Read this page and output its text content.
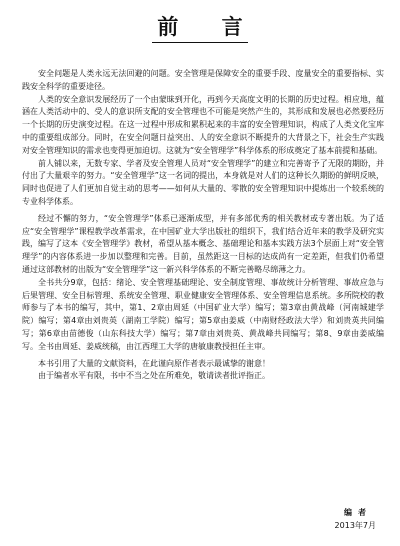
前 言

安全问题是人类永远无法回避的问题。安全管理是保障安全的重要手段、度量安全的重要指标、实践安全科学的重要途径。

人类的安全意识发展经历了一个由蒙昧到开化，再到今天高度文明的长期的历史过程。相应地，蕴涵在人类活动中的、受人的意识所支配的安全管理也不可能是突然产生的，其形成和发展也必然要经历一个长期的历史演变过程。在这一过程中形成和累积起来的丰富的安全管理知识，构成了人类文化宝库中的重要组成部分。同时，在安全问题日益突出、人的安全意识不断提升的大背景之下，社会生产实践对安全管理知识的需求也变得更加迫切。这就为“安全管理学”科学体系的形成奠定了基本前提和基础。

前人铺以来，无数专家、学者及安全管理人员对“安全管理学”的建立和完善寄予了无限的期盼，并付出了大量艰辛的努力。“安全管理学”这一名词的提出，本身就是对人们的这种长久期盼的鲜明反映，同时也促进了人们更加自觉主动的思考——如何从大量的、零散的安全管理知识中提炼出一个较系统的专业科学体系。

经过不懈的努力，“安全管理学”体系已逐渐成型，并有多部优秀的相关教材或专著出版。为了适应“安全管理学”课程教学改革需求，在中国矿业大学出版社的组织下，我们结合近年来的教学及研究实践，编写了这本《安全管理学》教材，希望从基本概念、基础理论和基本实践方法3个层面上对“安全管理学”的内容体系进一步加以整理和完善。目前，虽然距这一目标的达成尚有一定差距，但我们仍希望通过这部教材的出版为“安全管理学”这一新兴科学体系的不断完善略尽绵薄之力。

全书共分9章，包括：绪论、安全管理基础理论、安全制度管理、事故统计分析管理、事故应急与后果管理、安全目标管理、系统安全管理、职业健康安全管理体系、安全管理信息系统。多所院校的教师参与了本书的编写，其中，第1、2章由周延（中国矿业大学）编写；第3章由黄战峰（河南城建学院）编写；第4章由刘贵英（湖南工学院）编写；第5章由姜威（中南财经政法大学）和刘贵英共同编写；第6章由苗德俊（山东科技大学）编写；第7章由刘贵英、黄战峰共同编写；第8、9章由姜威编写。全书由周延、姜威统稿，由江西理工大学的唐敏康教授担任主审。

本书引用了大量的文献资料，在此谨向原作者表示最诚挚的谢意！

由于编者水平有限，书中不当之处在所难免，敬请读者批评指正。

编者
2013年7月
